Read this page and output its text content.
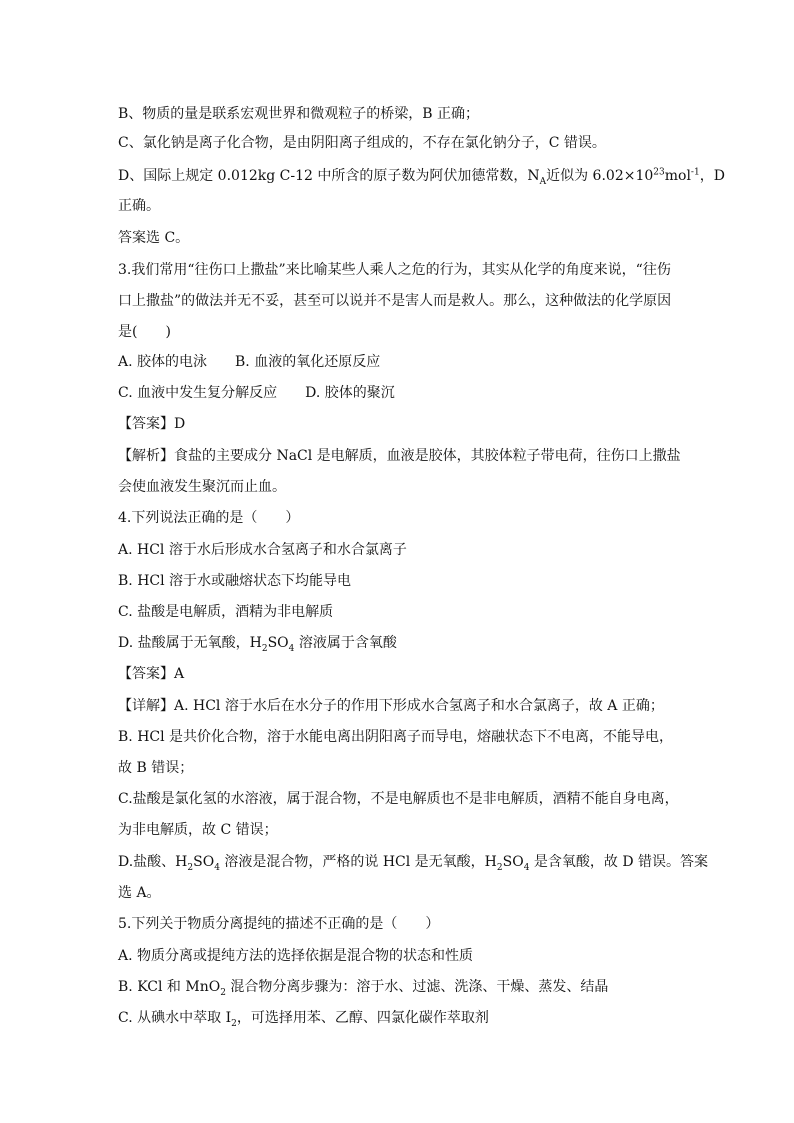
B、物质的量是联系宏观世界和微观粒子的桥梁，B 正确；
C、氯化钠是离子化合物，是由阴阳离子组成的，不存在氯化钠分子，C 错误。
D、国际上规定 0.012kg C-12 中所含的原子数为阿伏加德常数，$N_A$近似为 $6.02\times 10^{23}mol^{-1}$，D
正确。
答案选 C。
3.我们常用“往伤口上撒盐”来比喻某些人乘人之危的行为，其实从化学的角度来说，“往伤
口上撒盐”的做法并无不妥，甚至可以说并不是害人而是救人。那么，这种做法的化学原因
是(　　)
A. 胶体的电泳 B. 血液的氧化还原反应
C. 血液中发生复分解反应 D. 胶体的聚沉
【答案】D
【解析】食盐的主要成分 NaCl 是电解质，血液是胶体，其胶体粒子带电荷，往伤口上撒盐
会使血液发生聚沉而止血。
4.下列说法正确的是（　　）
A. HCl 溶于水后形成水合氢离子和水合氯离子
B. HCl 溶于水或融熔状态下均能导电
C. 盐酸是电解质，酒精为非电解质
D. 盐酸属于无氧酸，$H_2SO_4$ 溶液属于含氧酸
【答案】A
【详解】A. HCl 溶于水后在水分子的作用下形成水合氢离子和水合氯离子，故 A 正确；
B. HCl 是共价化合物，溶于水能电离出阴阳离子而导电，熔融状态下不电离，不能导电，
故 B 错误；
C.盐酸是氯化氢的水溶液，属于混合物，不是电解质也不是非电解质，酒精不能自身电离，
为非电解质，故 C 错误；
D.盐酸、$H_2SO_4$ 溶液是混合物，严格的说 HCl 是无氧酸，$H_2SO_4$ 是含氧酸，故 D 错误。答案
选 A。
5.下列关于物质分离提纯的描述不正确的是（　　）
A. 物质分离或提纯方法的选择依据是混合物的状态和性质
B. KCl 和 MnO$_2$ 混合物分离步骤为：溶于水、过滤、洗涤、干燥、蒸发、结晶
C. 从碘水中萃取 $I_2$，可选择用苯、乙醇、四氯化碳作萃取剂
